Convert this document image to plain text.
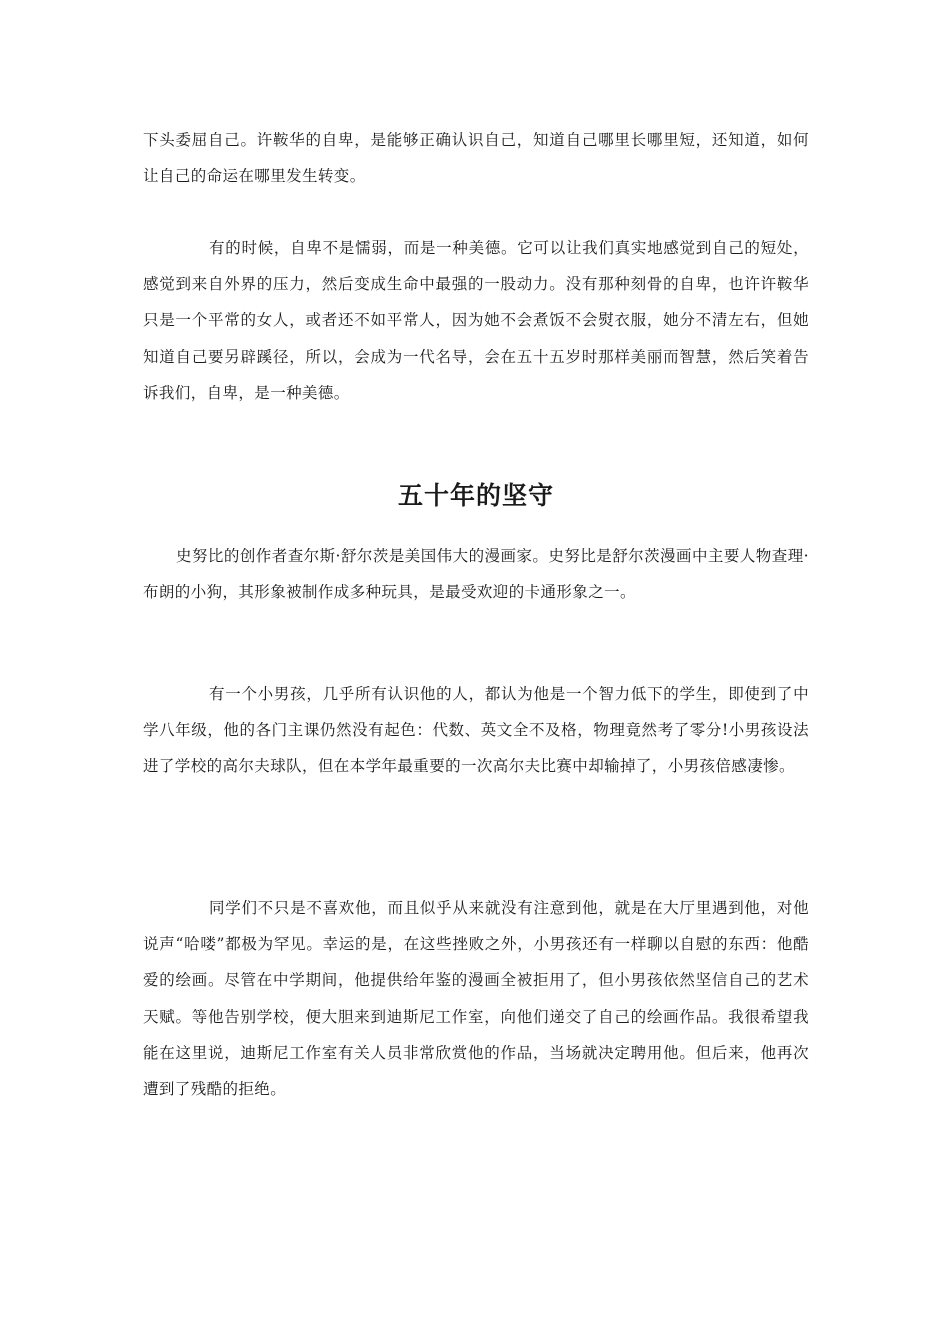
下头委屈自己。许鞍华的自卑，是能够正确认识自己，知道自己哪里长哪里短，还知道，如何让自己的命运在哪里发生转变。

有的时候，自卑不是懦弱，而是一种美德。它可以让我们真实地感觉到自己的短处，感觉到来自外界的压力，然后变成生命中最强的一股动力。没有那种刻骨的自卑，也许许鞍华只是一个平常的女人，或者还不如平常人，因为她不会煮饭不会熨衣服，她分不清左右，但她知道自己要另辟蹊径，所以，会成为一代名导，会在五十五岁时那样美丽而智慧，然后笑着告诉我们，自卑，是一种美德。

五十年的坚守

史努比的创作者查尔斯·舒尔茨是美国伟大的漫画家。史努比是舒尔茨漫画中主要人物查理·布朗的小狗，其形象被制作成多种玩具，是最受欢迎的卡通形象之一。

有一个小男孩，几乎所有认识他的人，都认为他是一个智力低下的学生，即使到了中学八年级，他的各门主课仍然没有起色：代数、英文全不及格，物理竟然考了零分!小男孩设法进了学校的高尔夫球队，但在本学年最重要的一次高尔夫比赛中却输掉了，小男孩倍感凄惨。

同学们不只是不喜欢他，而且似乎从来就没有注意到他，就是在大厅里遇到他，对他说声“哈喽”都极为罕见。幸运的是，在这些挫败之外，小男孩还有一样聊以自慰的东西：他酷爱的绘画。尽管在中学期间，他提供给年鉴的漫画全被拒用了，但小男孩依然坚信自己的艺术天赋。等他告别学校，便大胆来到迪斯尼工作室，向他们递交了自己的绘画作品。我很希望我能在这里说，迪斯尼工作室有关人员非常欣赏他的作品，当场就决定聘用他。但后来，他再次遭到了残酷的拒绝。
